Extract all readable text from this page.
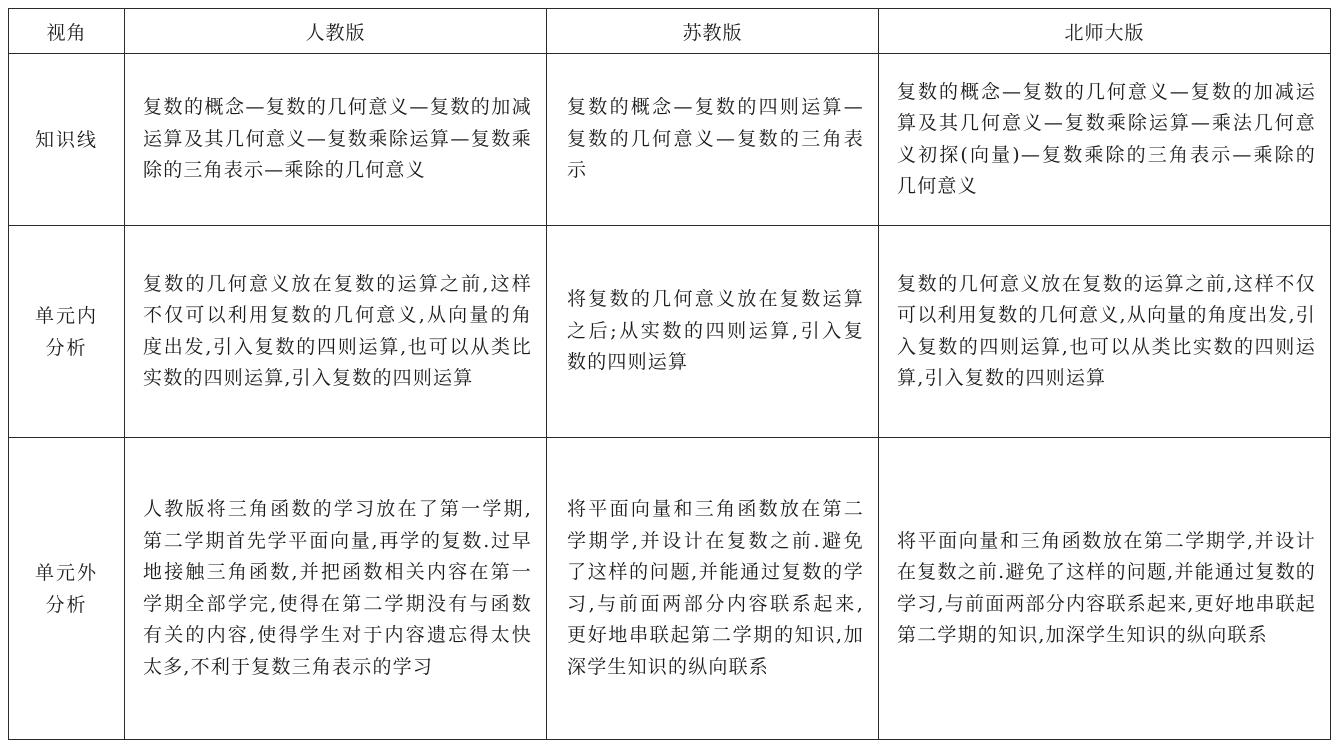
视角	人教版	苏教版	北师大版

知识线	复数的概念—复数的几何意义—复数的加减运算及其几何意义—复数乘除运算—复数乘除的三角表示—乘除的几何意义	复数的概念—复数的四则运算—复数的几何意义—复数的三角表示	复数的概念—复数的几何意义—复数的加减运算及其几何意义—复数乘除运算—乘法几何意义初探(向量)—复数乘除的三角表示—乘除的几何意义

单元内
分析	复数的几何意义放在复数的运算之前,这样不仅可以利用复数的几何意义,从向量的角度出发,引入复数的四则运算,也可以从类比实数的四则运算,引入复数的四则运算	将复数的几何意义放在复数运算之后;从实数的四则运算,引入复数的四则运算	复数的几何意义放在复数的运算之前,这样不仅可以利用复数的几何意义,从向量的角度出发,引入复数的四则运算,也可以从类比实数的四则运算,引入复数的四则运算

单元外
分析	人教版将三角函数的学习放在了第一学期,第二学期首先学平面向量,再学的复数.过早地接触三角函数,并把函数相关内容在第一学期全部学完,使得在第二学期没有与函数有关的内容,使得学生对于内容遗忘得太快太多,不利于复数三角表示的学习	将平面向量和三角函数放在第二学期学,并设计在复数之前.避免了这样的问题,并能通过复数的学习,与前面两部分内容联系起来,更好地串联起第二学期的知识,加深学生知识的纵向联系	将平面向量和三角函数放在第二学期学,并设计在复数之前.避免了这样的问题,并能通过复数的学习,与前面两部分内容联系起来,更好地串联起第二学期的知识,加深学生知识的纵向联系
